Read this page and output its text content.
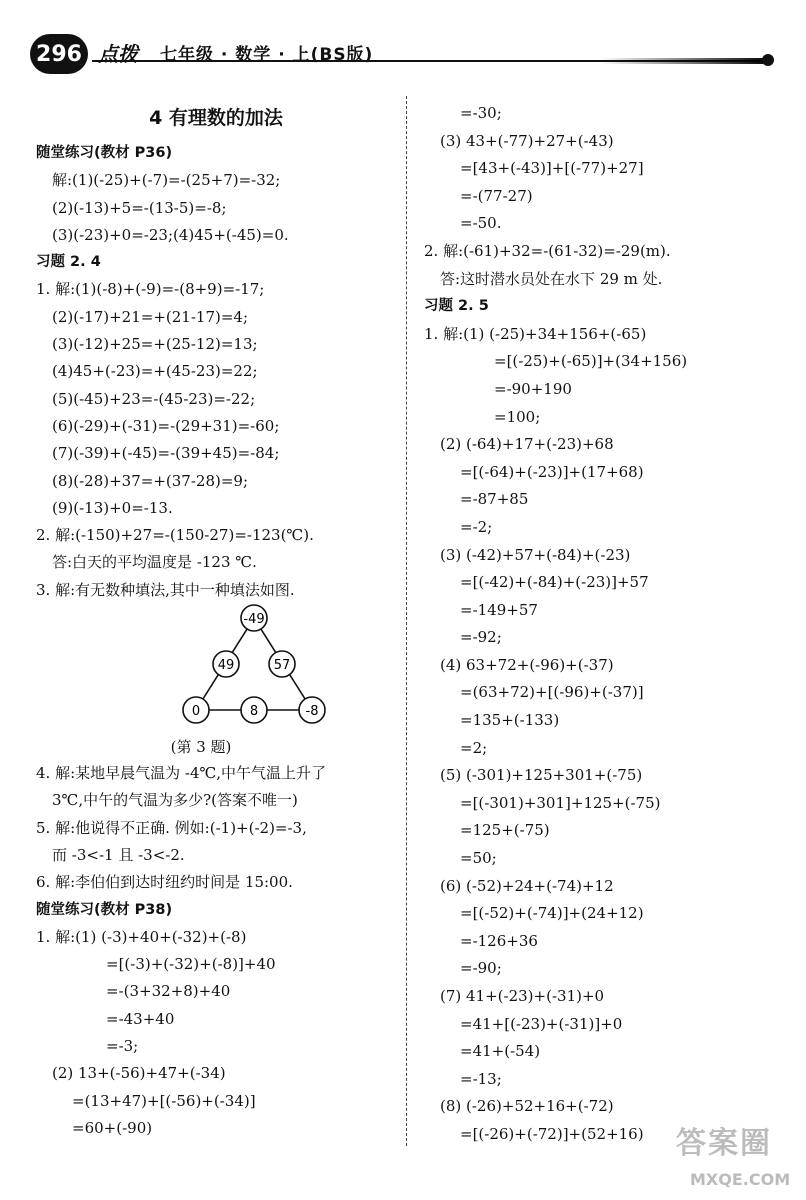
296 点拨 七年级 · 数学 · 上(BS版)
4 有理数的加法
随堂练习(教材 P36)
解:(1)(-25)+(-7)=-(25+7)=-32;
(2)(-13)+5=-(13-5)=-8;
(3)(-23)+0=-23;(4)45+(-45)=0.
习题 2. 4
1. 解:(1)(-8)+(-9)=-(8+9)=-17;
(2)(-17)+21=+(21-17)=4;
(3)(-12)+25=+(25-12)=13;
(4)45+(-23)=+(45-23)=22;
(5)(-45)+23=-(45-23)=-22;
(6)(-29)+(-31)=-(29+31)=-60;
(7)(-39)+(-45)=-(39+45)=-84;
(8)(-28)+37=+(37-28)=9;
(9)(-13)+0=-13.
2. 解:(-150)+27=-(150-27)=-123(℃).
答:白天的平均温度是 -123 ℃.
3. 解:有无数种填法,其中一种填法如图.
-49
49	57
0	8	-8
(第 3 题)
4. 解:某地早晨气温为 -4℃,中午气温上升了
3℃,中午的气温为多少?(答案不唯一)
5. 解:他说得不正确. 例如:(-1)+(-2)=-3,
而 -3<-1 且 -3<-2.
6. 解:李伯伯到达时纽约时间是 15:00.
随堂练习(教材 P38)
1. 解:(1) (-3)+40+(-32)+(-8)
=[(-3)+(-32)+(-8)]+40
=-(3+32+8)+40
=-43+40
=-3;
(2) 13+(-56)+47+(-34)
=(13+47)+[(-56)+(-34)]
=60+(-90)
=-30;
(3) 43+(-77)+27+(-43)
=[43+(-43)]+[(-77)+27]
=-(77-27)
=-50.
2. 解:(-61)+32=-(61-32)=-29(m).
答:这时潜水员处在水下 29 m 处.
习题 2. 5
1. 解:(1) (-25)+34+156+(-65)
=[(-25)+(-65)]+(34+156)
=-90+190
=100;
(2) (-64)+17+(-23)+68
=[(-64)+(-23)]+(17+68)
=-87+85
=-2;
(3) (-42)+57+(-84)+(-23)
=[(-42)+(-84)+(-23)]+57
=-149+57
=-92;
(4) 63+72+(-96)+(-37)
=(63+72)+[(-96)+(-37)]
=135+(-133)
=2;
(5) (-301)+125+301+(-75)
=[(-301)+301]+125+(-75)
=125+(-75)
=50;
(6) (-52)+24+(-74)+12
=[(-52)+(-74)]+(24+12)
=-126+36
=-90;
(7) 41+(-23)+(-31)+0
=41+[(-23)+(-31)]+0
=41+(-54)
=-13;
(8) (-26)+52+16+(-72)
=[(-26)+(-72)]+(52+16)	答案圈
MXQE.COM
